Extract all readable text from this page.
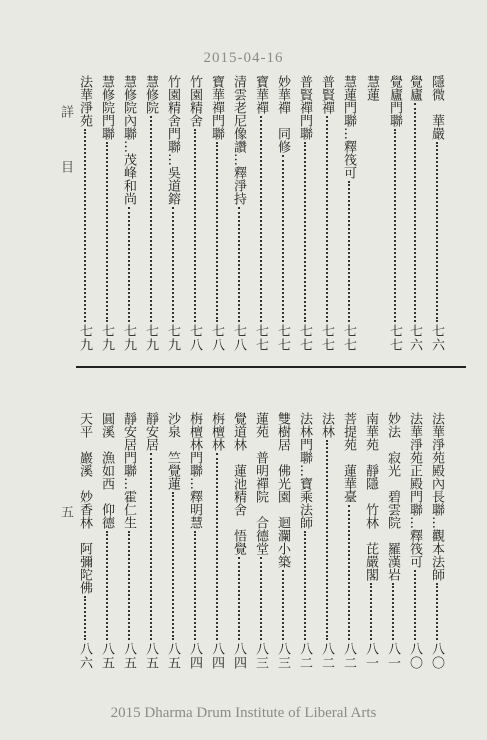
2015-04-16
詳
目
五
隱微　華嚴
七六
覺廬
七六
覺廬門聯
七七
慧蓮
慧蓮門聯…釋筏可
七七
普賢禪
七七
普賢禪門聯
七七
妙華禪　同修
七七
寶華禪
七七
清雲老尼像讚…釋淨持
七八
寶華禪門聯
七八
竹園精舍
七八
竹園精舍門聯…吳道鎔
七九
慧修院
七九
慧修院內聯…茂峰和尚
七九
慧修院門聯
七九
法華淨苑
七九
法華淨苑殿內長聯…觀本法師
八〇
法華淨苑正殿門聯…釋筏可
八〇
妙法　寂光　碧雲院　羅漢岩
八一
南華苑　靜隱　竹林　芘嚴閣
八一
菩提苑　蓮華臺
八二
法林
八二
法林門聯…寶乘法師
八二
雙樹居　佛光園　迴瀾小築
八三
蓮苑　普明禪院　合德堂
八三
覺道林　蓮池精舍　悟覺
八四
栴檀林
八四
栴檀林門聯…釋明慧
八四
沙泉　竺覺蓮
八五
靜安居
八五
靜安居門聯…霍仁生
八五
圓溪　漁如西　仰德
八五
天平　巖溪　妙香林　阿彌陀佛
八六
2015 Dharma Drum Institute of Liberal Arts
